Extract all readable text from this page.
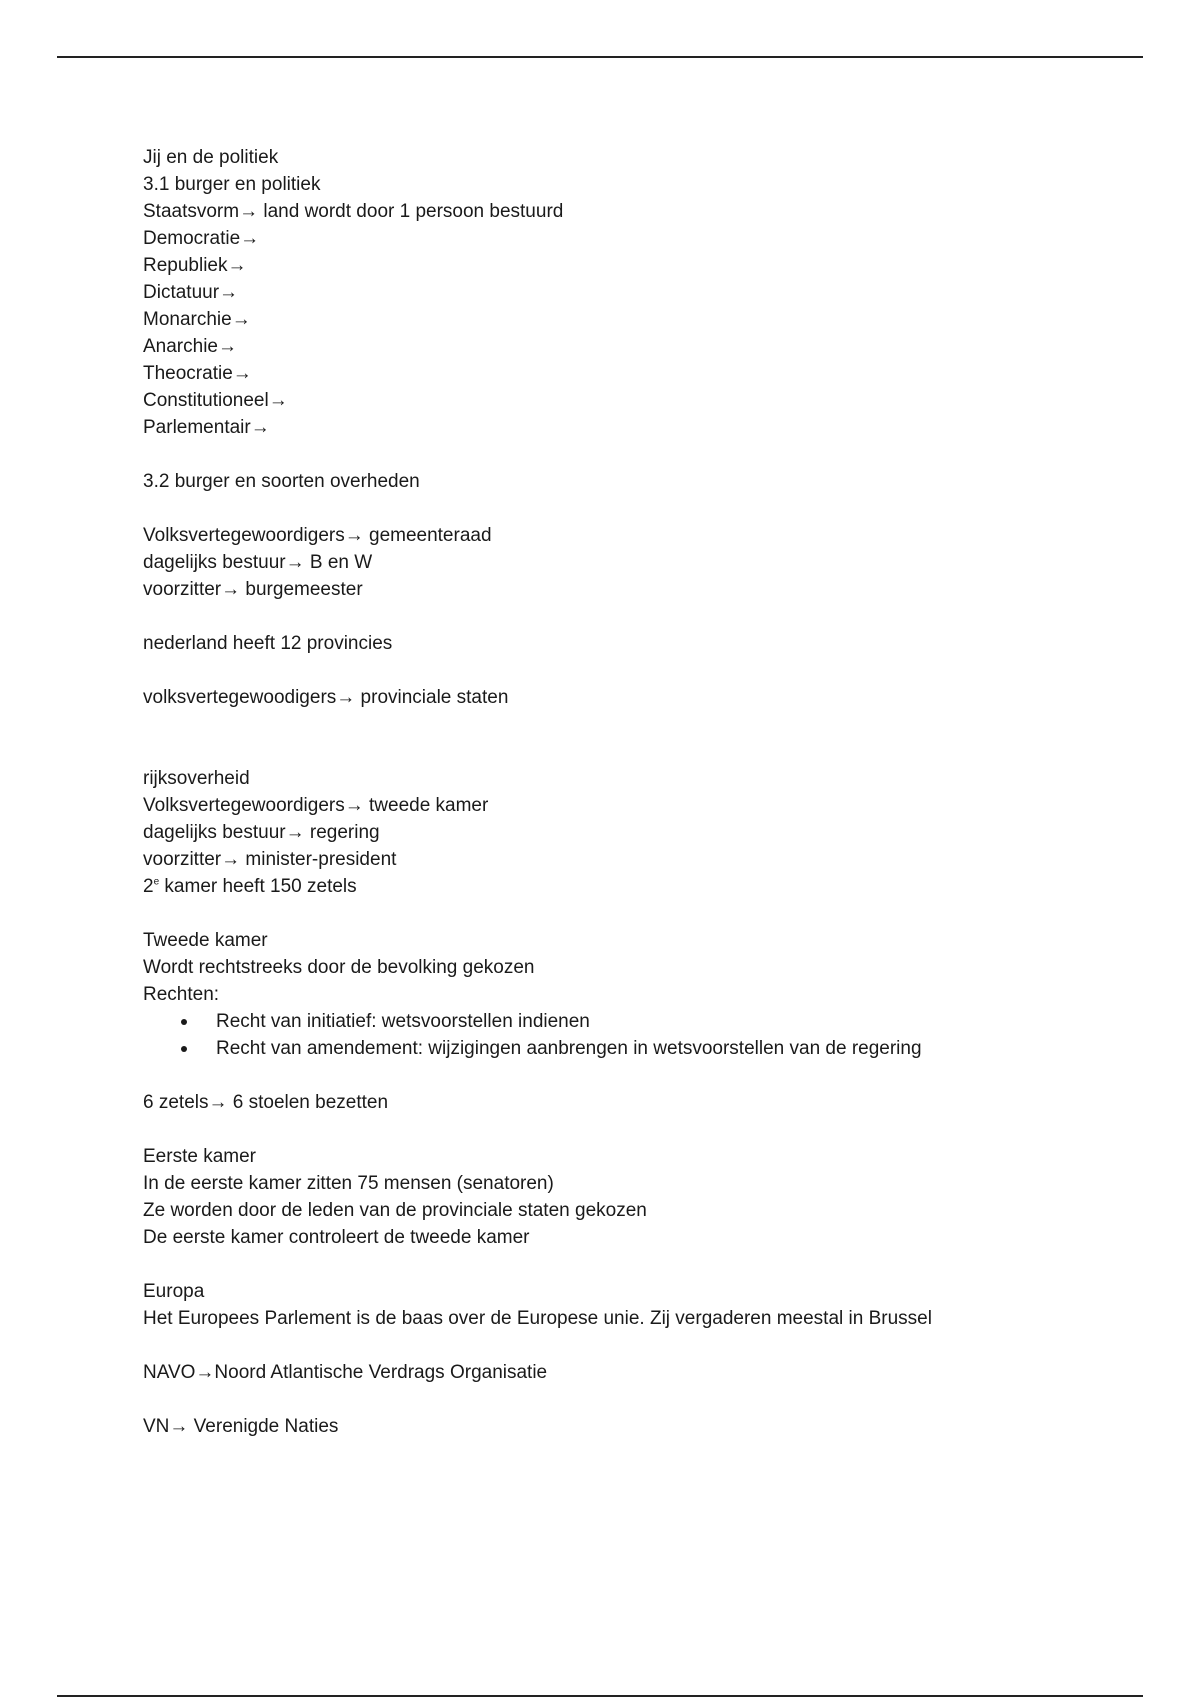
Jij en de politiek
3.1 burger en politiek
Staatsvorm→ land wordt door 1 persoon bestuurd
Democratie→
Republiek→
Dictatuur→
Monarchie→
Anarchie→
Theocratie→
Constitutioneel→
Parlementair→
3.2 burger en soorten overheden
Volksvertegewoordigers→ gemeenteraad
dagelijks bestuur→ B en W
voorzitter→ burgemeester
nederland heeft 12 provincies
volksvertegewoodigers→ provinciale staten
rijksoverheid
Volksvertegewoordigers→ tweede kamer
dagelijks bestuur→ regering
voorzitter→ minister-president
2e kamer heeft 150 zetels
Tweede kamer
Wordt rechtstreeks door de bevolking gekozen
Rechten:
Recht van initiatief: wetsvoorstellen indienen
Recht van amendement: wijzigingen aanbrengen in wetsvoorstellen van de regering
6 zetels→ 6 stoelen bezetten
Eerste kamer
In de eerste kamer zitten 75 mensen (senatoren)
Ze worden door de leden van de provinciale staten gekozen
De eerste kamer controleert de tweede kamer
Europa
Het Europees Parlement is de baas over de Europese unie. Zij vergaderen meestal in Brussel
NAVO→Noord Atlantische Verdrags Organisatie
VN→ Verenigde Naties
